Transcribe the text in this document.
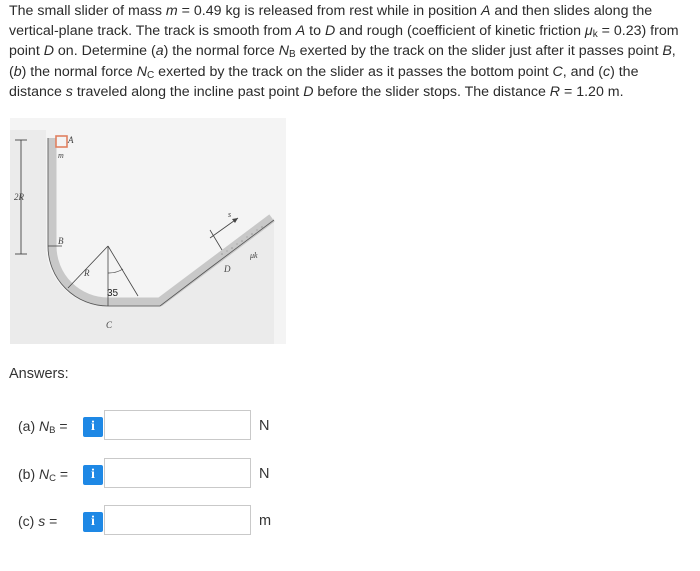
The small slider of mass m = 0.49 kg is released from rest while in position A and then slides along the vertical-plane track. The track is smooth from A to D and rough (coefficient of kinetic friction $\mu_k = 0.23$) from point D on. Determine (a) the normal force $N_B$ exerted by the track on the slider just after it passes point B, (b) the normal force $N_C$ exerted by the track on the slider as it passes the bottom point C, and (c) the distance s traveled along the incline past point D before the slider stops. The distance R = 1.20 m.
A
m
2R
B
R
35
C
D
s
μk
Answers:
(a) $N_B$ =	i	N
(b) $N_C$ =	i	N
(c) s =	i	m
